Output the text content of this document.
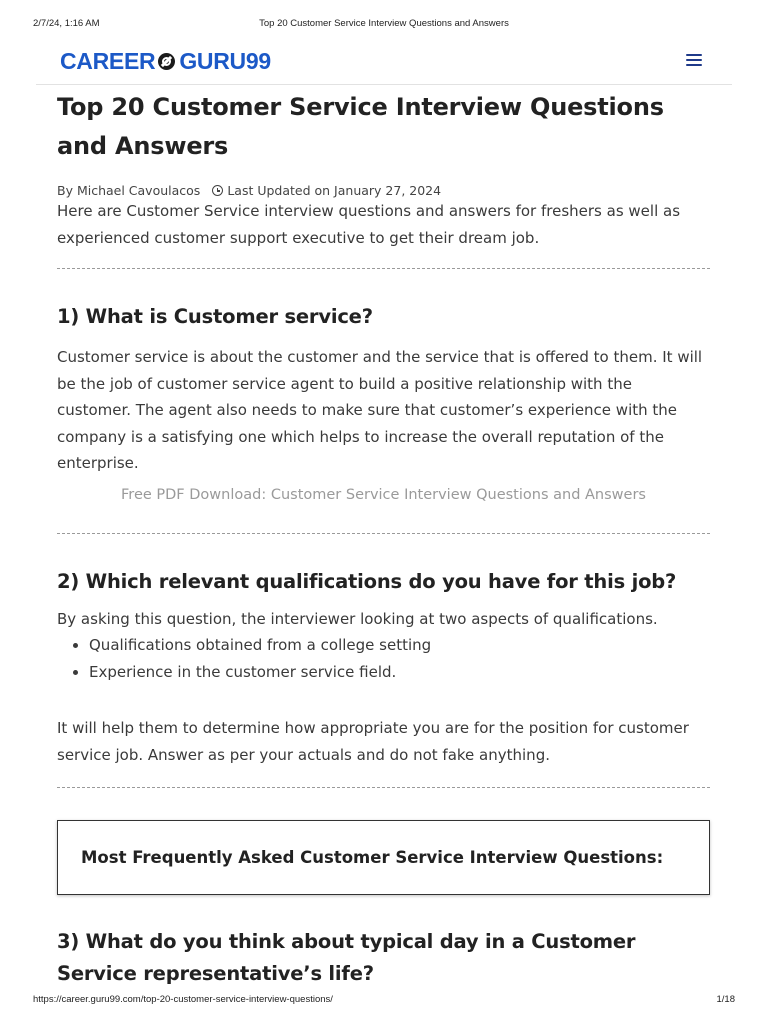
2/7/24, 1:16 AM	Top 20 Customer Service Interview Questions and Answers
CAREER GURU99
Top 20 Customer Service Interview Questions and Answers
By Michael Cavoulacos Last Updated on January 27, 2024

Here are Customer Service interview questions and answers for freshers as well as experienced customer support executive to get their dream job.

1) What is Customer service?

Customer service is about the customer and the service that is offered to them. It will be the job of customer service agent to build a positive relationship with the customer. The agent also needs to make sure that customer’s experience with the company is a satisfying one which helps to increase the overall reputation of the enterprise.

Free PDF Download: Customer Service Interview Questions and Answers
2) Which relevant qualifications do you have for this job?

By asking this question, the interviewer looking at two aspects of qualifications.

• Qualifications obtained from a college setting
• Experience in the customer service field.

It will help them to determine how appropriate you are for the position for customer service job. Answer as per your actuals and do not fake anything.

Most Frequently Asked Customer Service Interview Questions:
3) What do you think about typical day in a Customer Service representative’s life?
https://career.guru99.com/top-20-customer-service-interview-questions/	1/18
